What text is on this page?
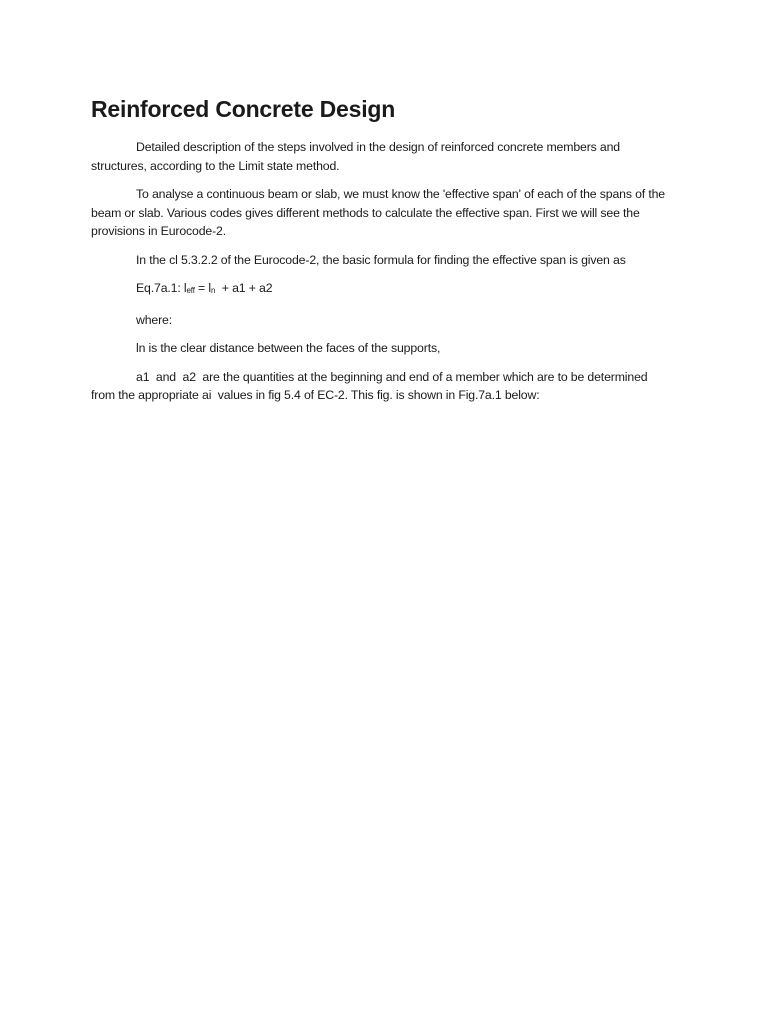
Reinforced Concrete Design

Detailed description of the steps involved in the design of reinforced concrete members and structures, according to the Limit state method.

To analyse a continuous beam or slab, we must know the 'effective span' of each of the spans of the beam or slab. Various codes gives different methods to calculate the effective span. First we will see the provisions in Eurocode-2.

In the cl 5.3.2.2 of the Eurocode-2, the basic formula for finding the effective span is given as

Eq.7a.1: leff = ln  + a1 + a2

where:

ln is the clear distance between the faces of the supports,

a1  and  a2  are the quantities at the beginning and end of a member which are to be determined from the appropriate ai  values in fig 5.4 of EC-2. This fig. is shown in Fig.7a.1 below:
